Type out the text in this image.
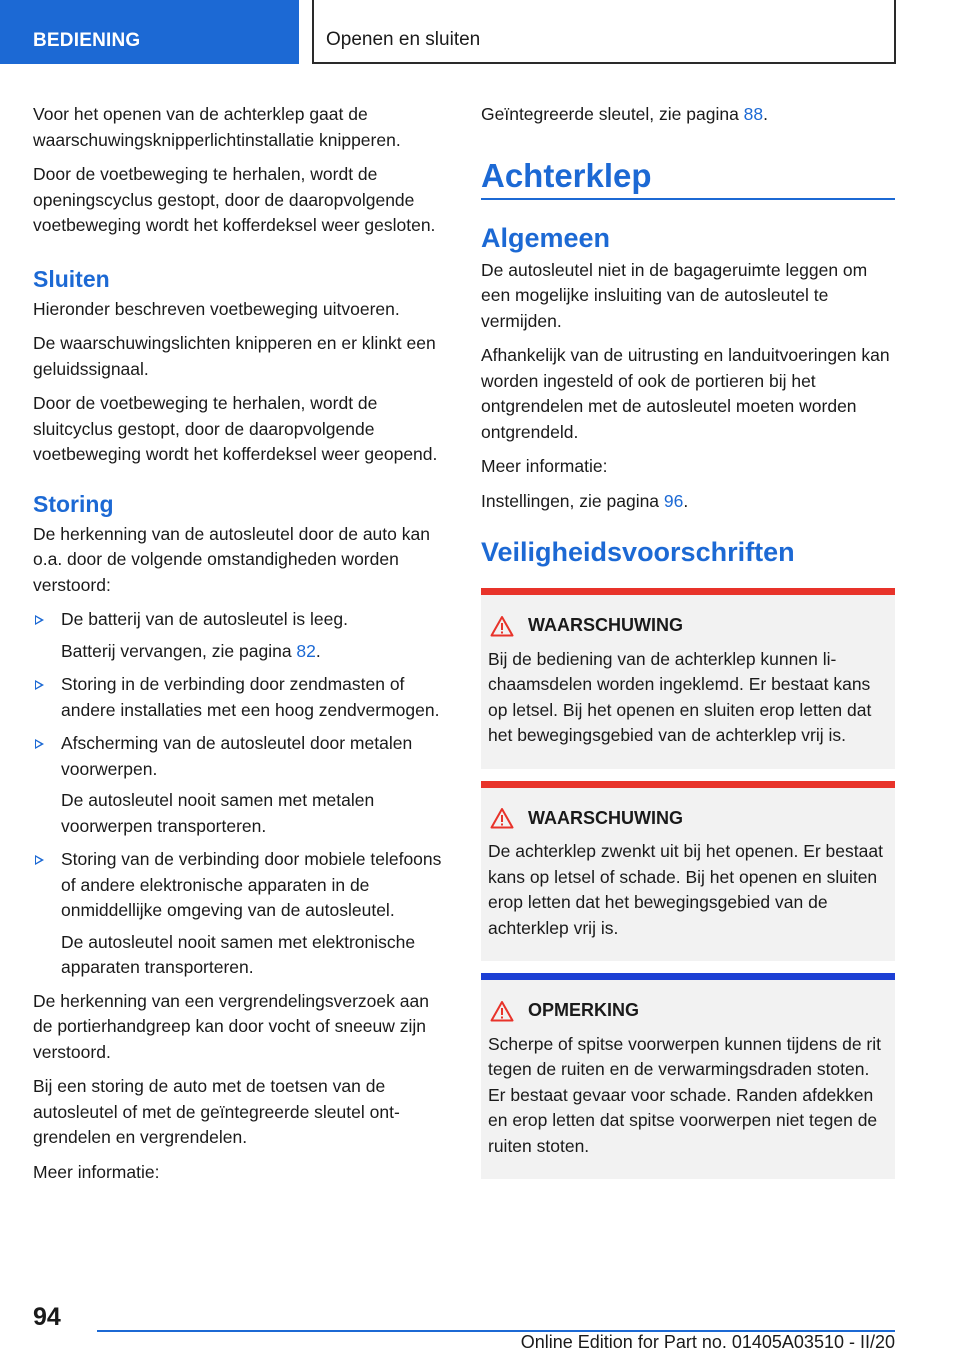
BEDIENING	Openen en sluiten

Voor het openen van de achterklep gaat de waarschuwingsknipperlichtinstallatie knipperen.

Door de voetbeweging te herhalen, wordt de openingscyclus gestopt, door de daaropvolgende voetbeweging wordt het kofferdeksel weer gesloten.

Sluiten

Hieronder beschreven voetbeweging uitvoeren.

De waarschuwingslichten knipperen en er klinkt een geluidssignaal.

Door de voetbeweging te herhalen, wordt de sluitcyclus gestopt, door de daaropvolgende voetbeweging wordt het kofferdeksel weer geopend.

Storing

De herkenning van de autosleutel door de auto kan o.a. door de volgende omstandigheden worden verstoord:

De batterij van de autosleutel is leeg.
Batterij vervangen, zie pagina 82.
Storing in de verbinding door zendmasten of andere installaties met een hoog zendvermogen.
Afscherming van de autosleutel door metalen voorwerpen.
De autosleutel nooit samen met metalen voorwerpen transporteren.
Storing van de verbinding door mobiele telefoons of andere elektronische apparaten in de onmiddellijke omgeving van de autosleutel.
De autosleutel nooit samen met elektronische apparaten transporteren.

De herkenning van een vergrendelingsverzoek aan de portierhandgreep kan door vocht of sneeuw zijn verstoord.

Bij een storing de auto met de toetsen van de autosleutel of met de geïntegreerde sleutel ontgrendelen en vergrendelen.

Meer informatie:

Geïntegreerde sleutel, zie pagina 88.

Achterklep
Algemeen

De autosleutel niet in de bagageruimte leggen om een mogelijke insluiting van de autosleutel te vermijden.

Afhankelijk van de uitrusting en landuitvoeringen kan worden ingesteld of ook de portieren bij het ontgrendelen met de autosleutel moeten worden ontgrendeld.

Meer informatie:

Instellingen, zie pagina 96.

Veiligheidsvoorschriften
WAARSCHUWING

Bij de bediening van de achterklep kunnen lichaamsdelen worden ingeklemd. Er bestaat kans op letsel. Bij het openen en sluiten erop letten dat het bewegingsgebied van de achterklep vrij is.

WAARSCHUWING

De achterklep zwenkt uit bij het openen. Er bestaat kans op letsel of schade. Bij het openen en sluiten erop letten dat het bewegingsgebied van de achterklep vrij is.

OPMERKING

Scherpe of spitse voorwerpen kunnen tijdens de rit tegen de ruiten en de verwarmingsdraden stoten. Er bestaat gevaar voor schade. Randen afdekken en erop letten dat spitse voorwerpen niet tegen de ruiten stoten.

94
Online Edition for Part no. 01405A03510 - II/20
